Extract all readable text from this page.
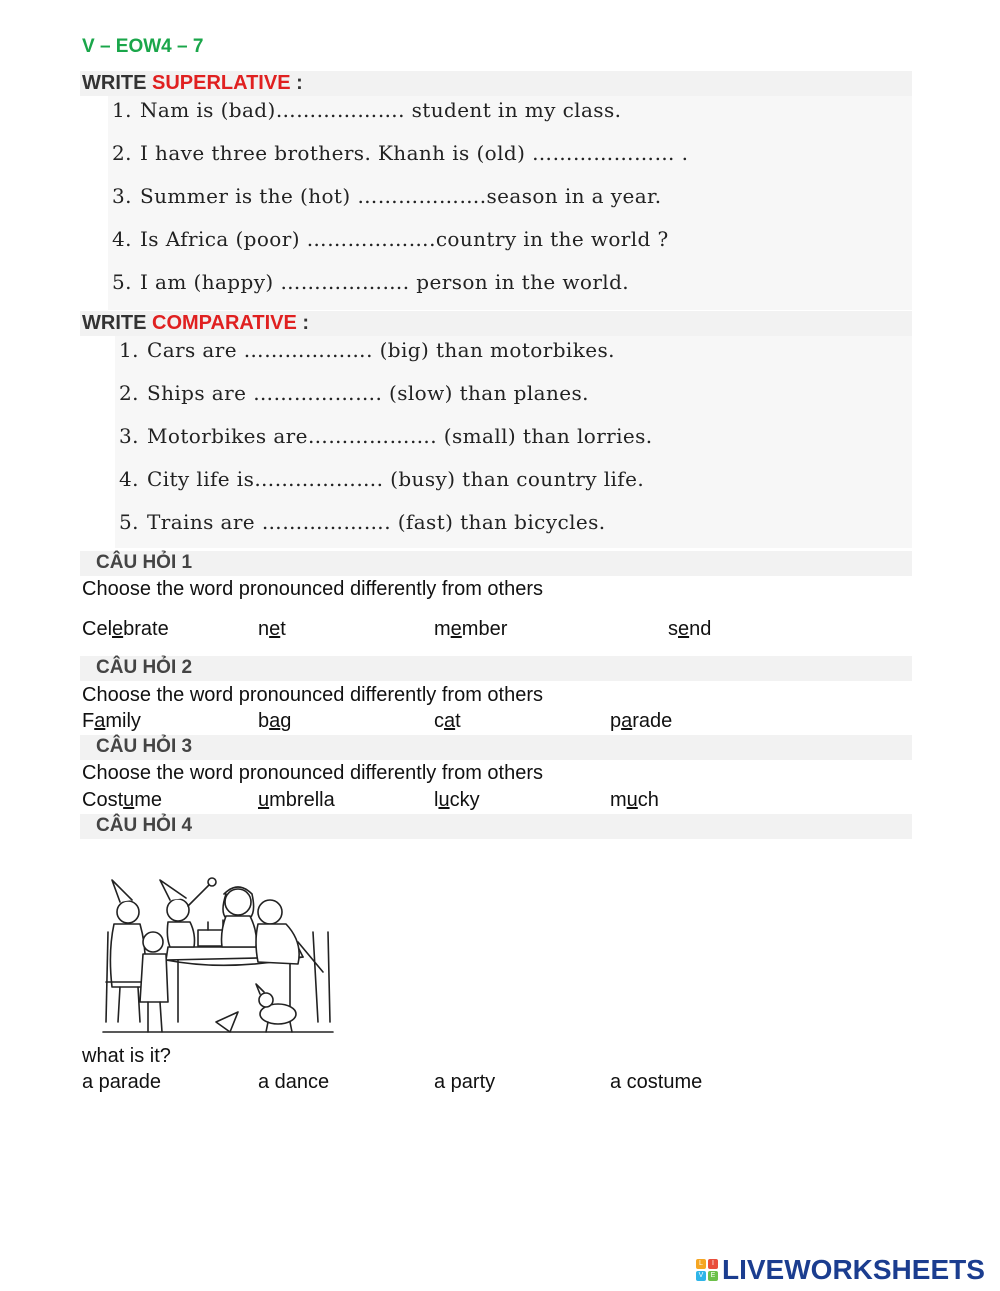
V – EOW4 – 7
WRITE SUPERLATIVE :
1. Nam is (bad)………………. student in my class.
2. I have three brothers. Khanh is (old) ………………… .
3. Summer is the (hot) ……………….season in a year.
4. Is Africa (poor) ……………….country in the world ?
5. I am (happy) ………………. person in the world.
WRITE COMPARATIVE :
1. Cars are ………………. (big) than motorbikes.
2. Ships are ………………. (slow) than planes.
3. Motorbikes are………………. (small) than lorries.
4. City life is………………. (busy) than country life.
5. Trains are ………………. (fast) than bicycles.
CÂU HỎI 1
Choose the word pronounced differently from others
Celebrate	net	member	send
CÂU HỎI 2
Choose the word pronounced differently from others
Family	bag	cat	parade
CÂU HỎI 3
Choose the word pronounced differently from others
Costume	umbrella	lucky	much
CÂU HỎI 4
what is it?
a parade	a dance	a party	a costume
L	I
V	E LIVEWORKSHEETS
